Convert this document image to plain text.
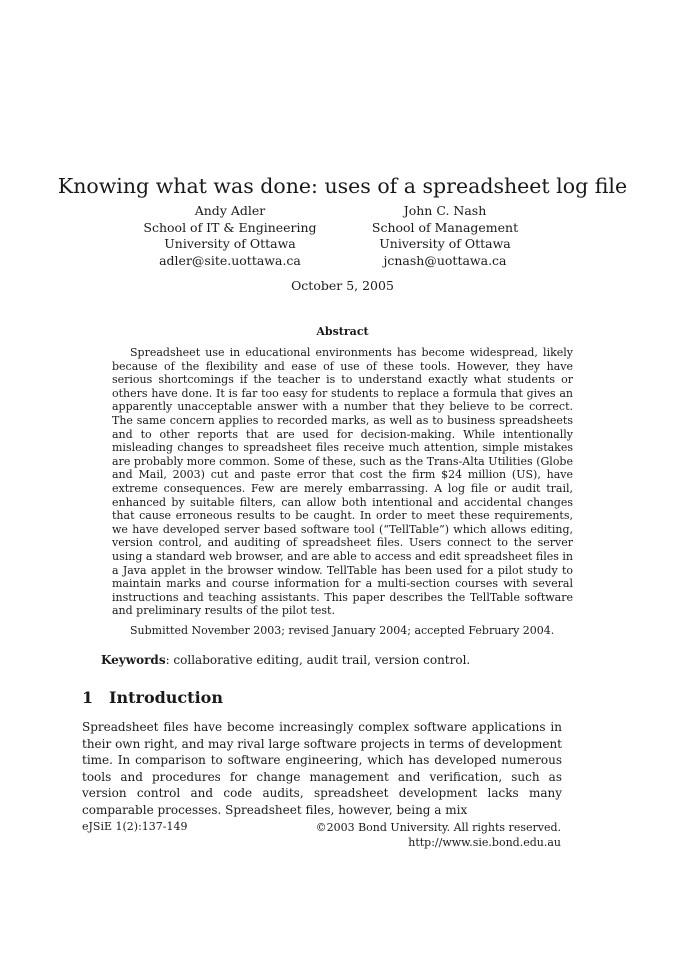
Knowing what was done: uses of a spreadsheet log file
Andy Adler
School of IT & Engineering
University of Ottawa
adler@site.uottawa.ca
John C. Nash
School of Management
University of Ottawa
jcnash@uottawa.ca
October 5, 2005
Abstract

Spreadsheet use in educational environments has become widespread, likely because of the flexibility and ease of use of these tools. However, they have serious shortcomings if the teacher is to understand exactly what students or others have done. It is far too easy for students to replace a formula that gives an apparently unacceptable answer with a number that they believe to be correct. The same concern applies to recorded marks, as well as to business spreadsheets and to other reports that are used for decision-making. While intentionally misleading changes to spreadsheet files receive much attention, simple mistakes are probably more common. Some of these, such as the Trans-Alta Utilities (Globe and Mail, 2003) cut and paste error that cost the firm $24 million (US), have extreme consequences. Few are merely embarrassing. A log file or audit trail, enhanced by suitable filters, can allow both intentional and accidental changes that cause erroneous results to be caught. In order to meet these requirements, we have developed server based software tool (“TellTable”) which allows editing, version control, and auditing of spreadsheet files. Users connect to the server using a standard web browser, and are able to access and edit spreadsheet files in a Java applet in the browser window. TellTable has been used for a pilot study to maintain marks and course information for a multi-section courses with several instructions and teaching assistants. This paper describes the TellTable software and preliminary results of the pilot test.

Submitted November 2003; revised January 2004; accepted February 2004.

Keywords: collaborative editing, audit trail, version control.

1 Introduction

Spreadsheet files have become increasingly complex software applications in their own right, and may rival large software projects in terms of development time. In comparison to software engineering, which has developed numerous tools and procedures for change management and verification, such as version control and code audits, spreadsheet development lacks many comparable processes. Spreadsheet files, however, being a mix

eJSiE 1(2):137-149	©2003 Bond University. All rights reserved.
http://www.sie.bond.edu.au
